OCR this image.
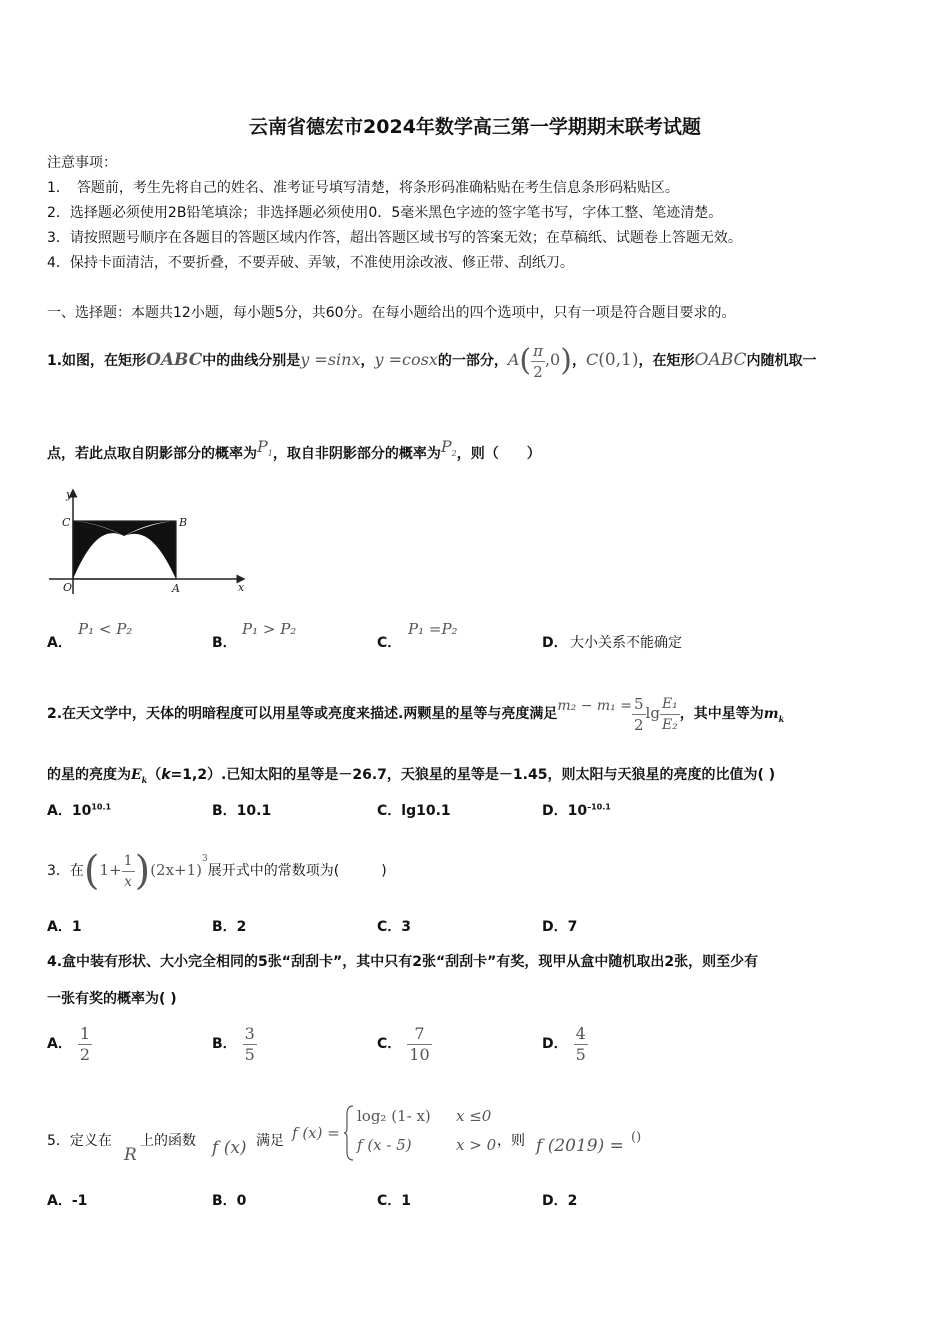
云南省德宏市2024年数学高三第一学期期末联考试题
注意事项：
1．　答题前，考生先将自己的姓名、准考证号填写清楚，将条形码准确粘贴在考生信息条形码粘贴区。
2．选择题必须使用2B铅笔填涂；非选择题必须使用0．5毫米黑色字迹的签字笔书写，字体工整、笔迹清楚。
3．请按照题号顺序在各题目的答题区域内作答，超出答题区域书写的答案无效；在草稿纸、试题卷上答题无效。
4．保持卡面清洁，不要折叠，不要弄破、弄皱，不准使用涂改液、修正带、刮纸刀。
一、选择题：本题共12小题，每小题5分，共60分。在每小题给出的四个选项中，只有一项是符合题目要求的。
1.如图，在矩形OABC中的曲线分别是y =sinx，y =cosx的一部分，$A( \frac{\pi}{2} ,0)$，C(0,1)，在矩形OABC内随机取一
点，若此点取自阴影部分的概率为$P_1$，取自非阴影部分的概率为$P_2$，则（　　）
y
x
O	A
B
C
A．
P₁ < P₂
B．
P₁ > P₂
C．
P₁ =P₂
D． 大小关系不能确定
2.在天文学中，天体的明暗程度可以用星等或亮度来描述.两颗星的星等与亮度满足$m_2 - m_1 = \frac{5}{2}$ $\lg \frac{\text{E₁}}{\text{E₂}}$ ，其中星等为$m_k$
的星的亮度为$E_k(k=1,2)$.已知太阳的星等是－26.7，天狼星的星等是－1.45，则太阳与天狼星的亮度的比值为( )
A．$10^{10.1}$	B．10.1	C．lg10.1	D．$10^{-10.1}$
3．在$(1+ \frac{1}{x} )(2x+1)^3$展开式中的常数项为(　　　)
A．1	B．2	C．3	D．7
4.盒中装有形状、大小完全相同的5张“刮刮卡”，其中只有2张“刮刮卡”有奖，现甲从盒中随机取出2张，则至少有
一张有奖的概率为( )
A． $\frac{1}{2}$	B． $\frac{3}{5}$	C． $\frac{7}{10}$	D． $\frac{4}{5}$
5．定义在
R
上的函数 f (x) 满足 f (x) =
log₂ (1- x) x ≤0
f (x - 5)	x > 0 ，则 f (2019) = ()
A．-1	B．0	C．1	D．2
